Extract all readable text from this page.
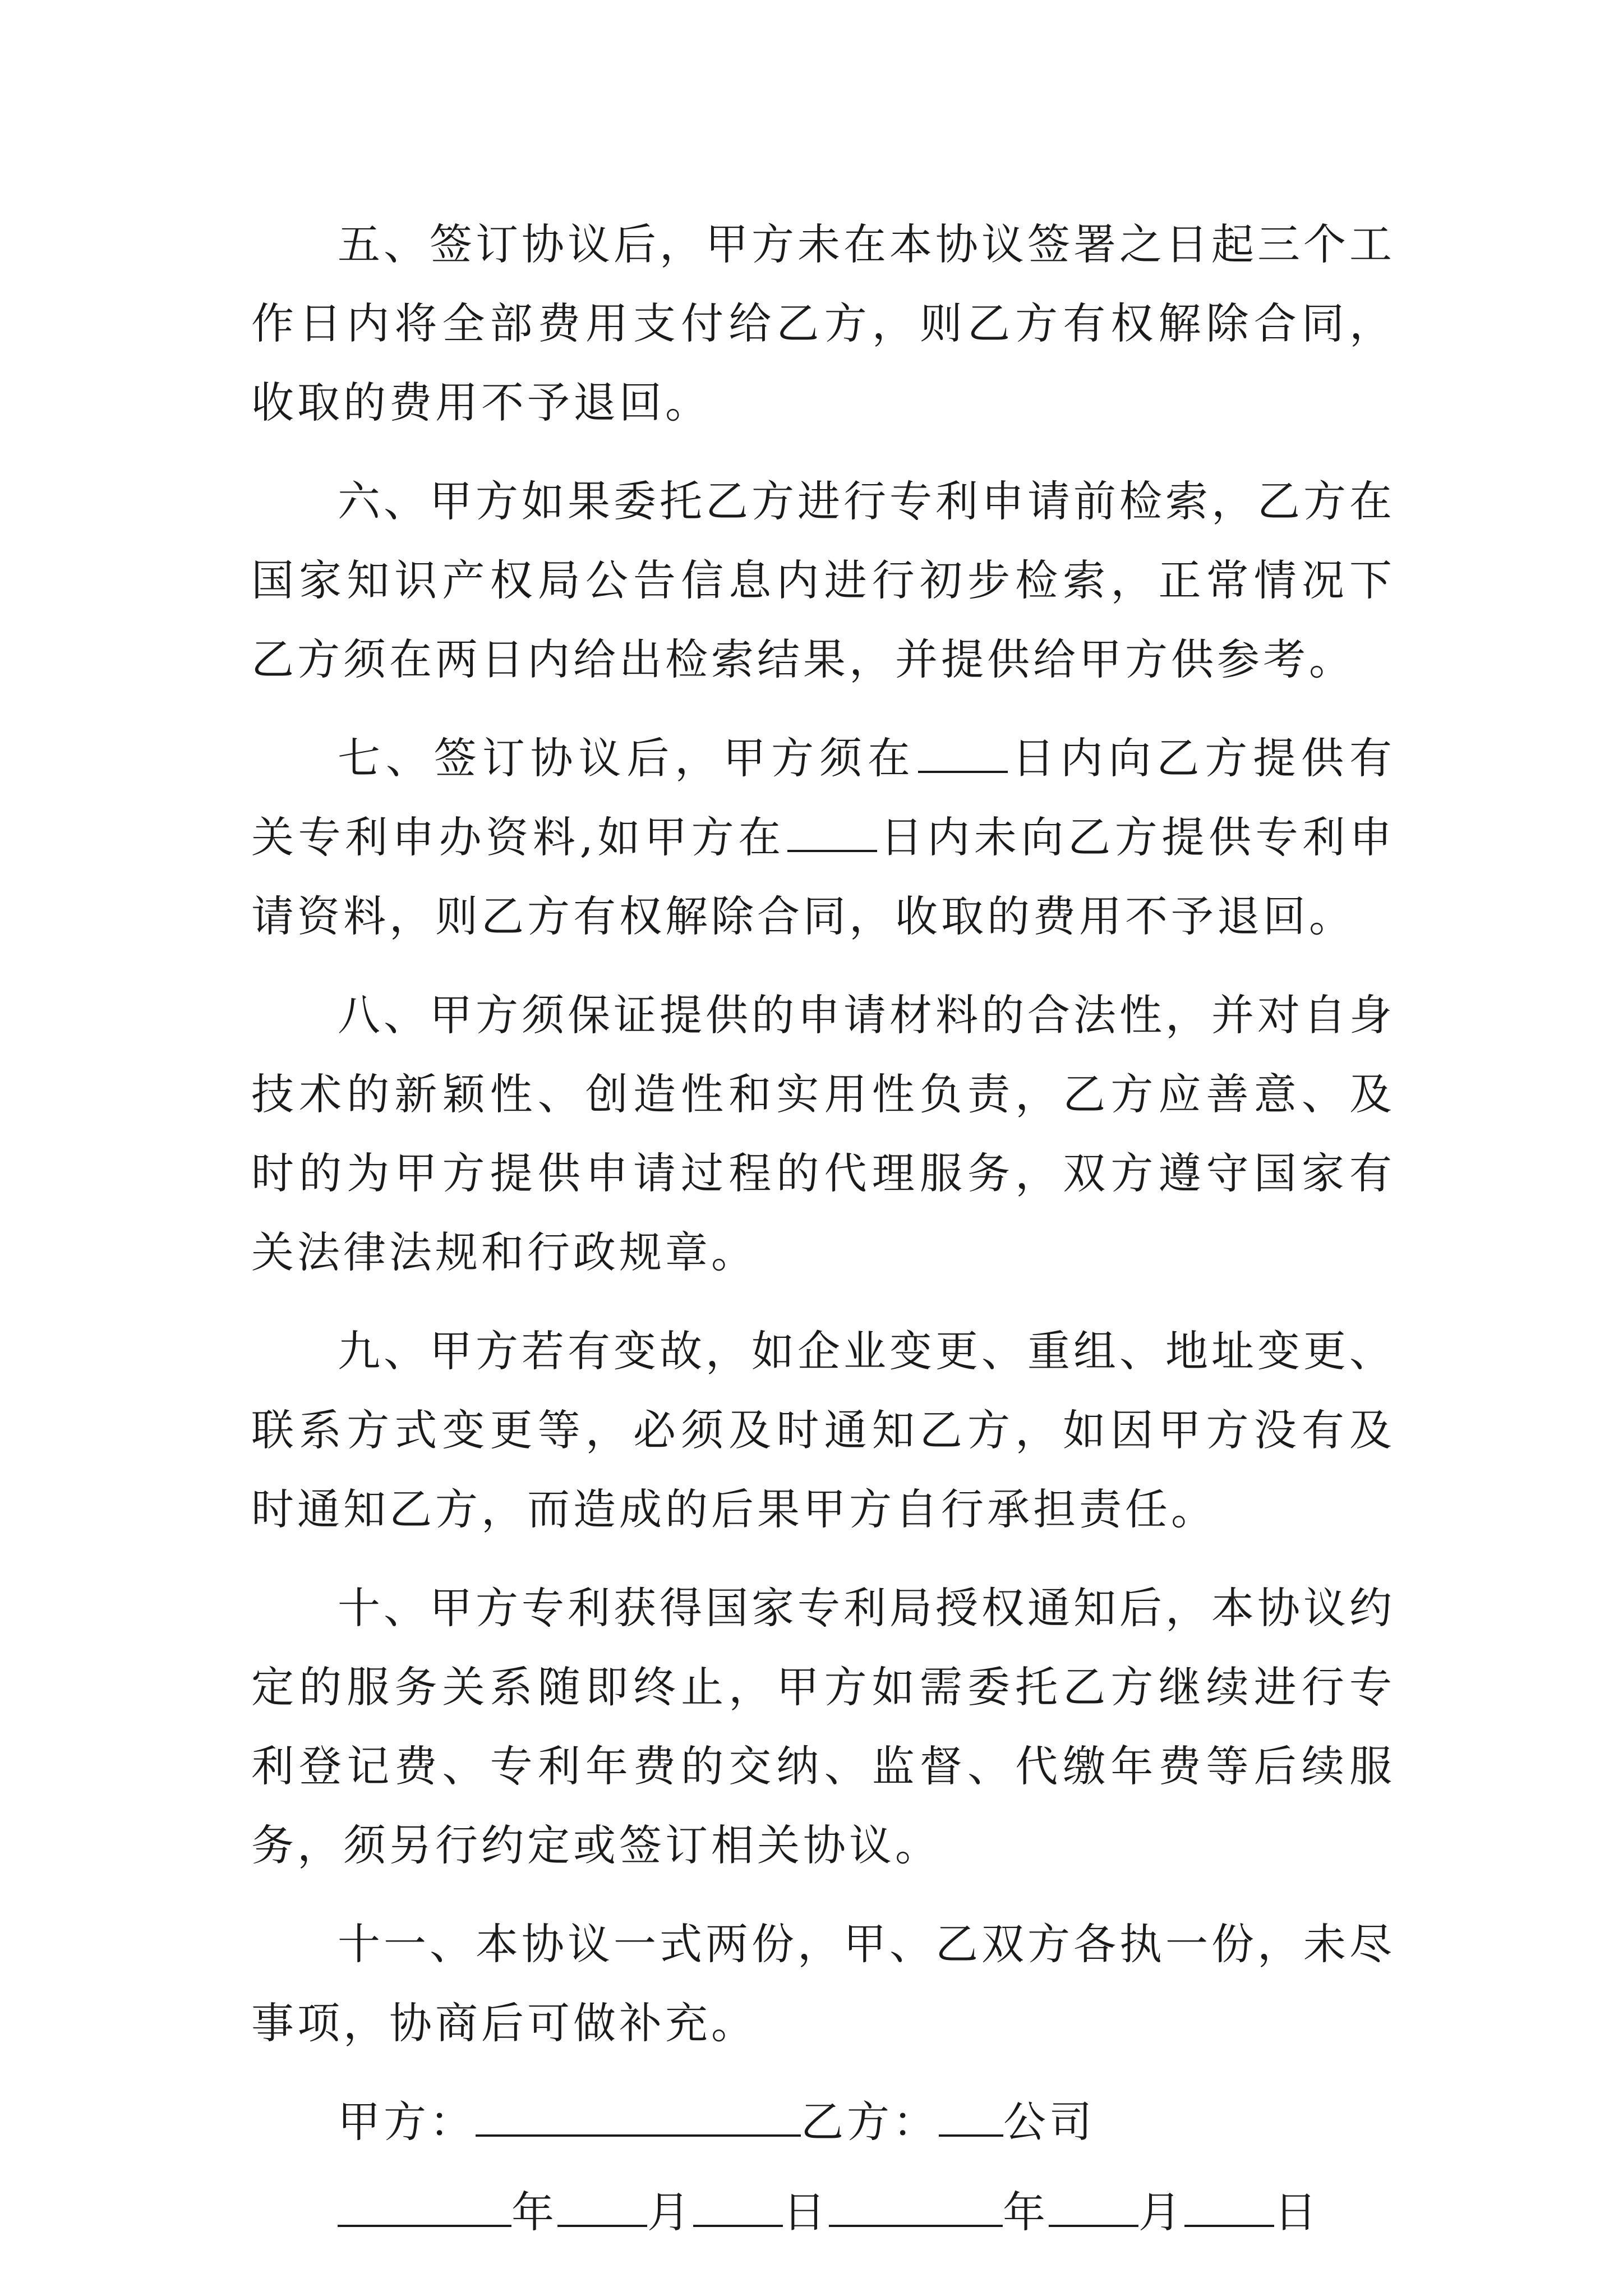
五、签订协议后，甲方未在本协议签署之日起三个工作日内将全部费用支付给乙方，则乙方有权解除合同，收取的费用不予退回。

六、甲方如果委托乙方进行专利申请前检索，乙方在国家知识产权局公告信息内进行初步检索，正常情况下乙方须在两日内给出检索结果，并提供给甲方供参考。

七、签订协议后，甲方须在 日内向乙方提供有关专利申办资料,如甲方在 日内未向乙方提供专利申请资料，则乙方有权解除合同，收取的费用不予退回。

八、甲方须保证提供的申请材料的合法性，并对自身技术的新颖性、创造性和实用性负责，乙方应善意、及时的为甲方提供申请过程的代理服务，双方遵守国家有关法律法规和行政规章。

九、甲方若有变故，如企业变更、重组、地址变更、联系方式变更等，必须及时通知乙方，如因甲方没有及时通知乙方，而造成的后果甲方自行承担责任。

十、甲方专利获得国家专利局授权通知后，本协议约定的服务关系随即终止，甲方如需委托乙方继续进行专利登记费、专利年费的交纳、监督、代缴年费等后续服务，须另行约定或签订相关协议。

十一、本协议一式两份，甲、乙双方各执一份，未尽事项，协商后可做补充。

甲方：	乙方： 公司
年 月 日	年 月 日
